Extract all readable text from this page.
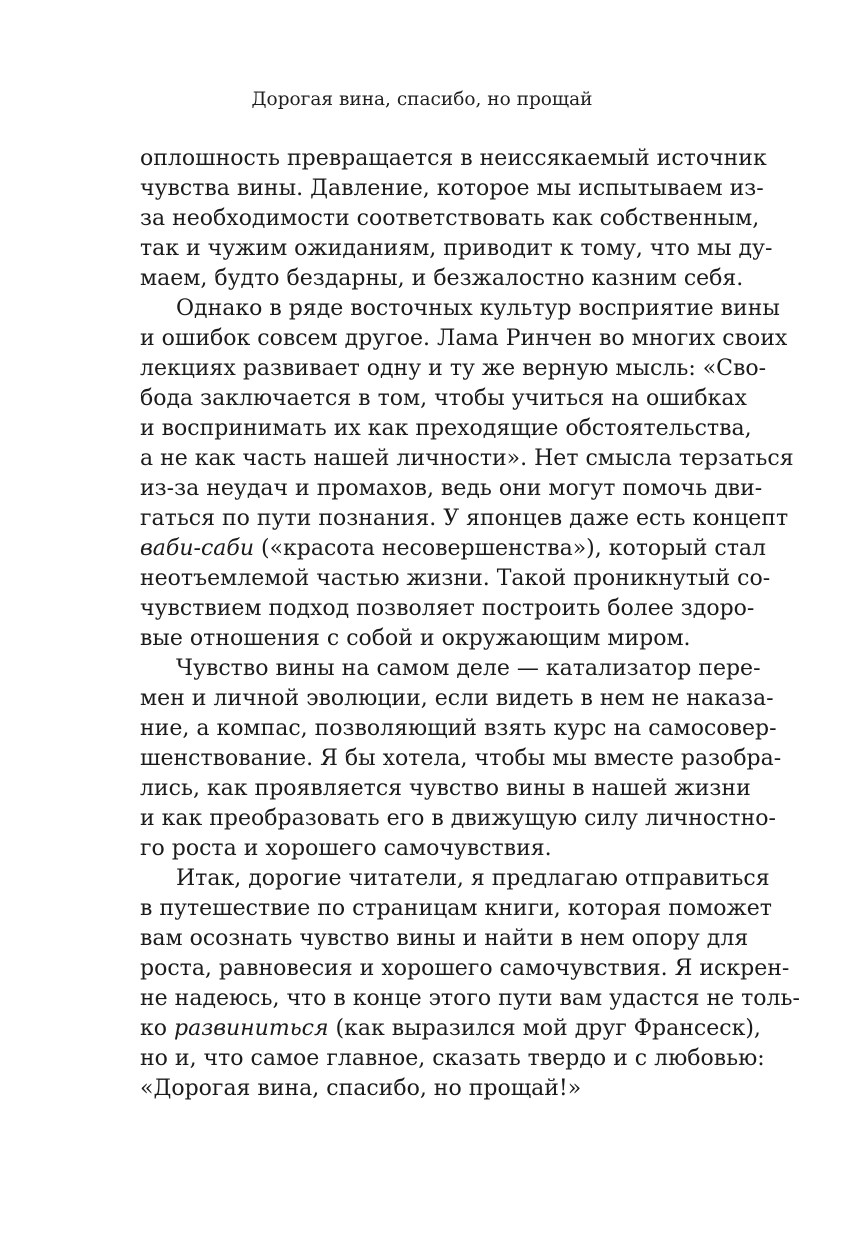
Дорогая вина, спасибо, но прощай
оплошность превращается в неиссякаемый источник
чувства вины. Давление, которое мы испытываем из-
за необходимости соответствовать как собственным,
так и чужим ожиданиям, приводит к тому, что мы ду-
маем, будто бездарны, и безжалостно казним себя.
Однако в ряде восточных культур восприятие вины
и ошибок совсем другое. Лама Ринчен во многих своих
лекциях развивает одну и ту же верную мысль: «Сво-
бода заключается в том, чтобы учиться на ошибках
и воспринимать их как преходящие обстоятельства,
а не как часть нашей личности». Нет смысла терзаться
из-за неудач и промахов, ведь они могут помочь дви-
гаться по пути познания. У японцев даже есть концепт
ваби-саби («красота несовершенства»), который стал
неотъемлемой частью жизни. Такой проникнутый со-
чувствием подход позволяет построить более здоро-
вые отношения с собой и окружающим миром.
Чувство вины на самом деле — катализатор пере-
мен и личной эволюции, если видеть в нем не наказа-
ние, а компас, позволяющий взять курс на самосовер-
шенствование. Я бы хотела, чтобы мы вместе разобра-
лись, как проявляется чувство вины в нашей жизни
и как преобразовать его в движущую силу личностно-
го роста и хорошего самочувствия.
Итак, дорогие читатели, я предлагаю отправиться
в путешествие по страницам книги, которая поможет
вам осознать чувство вины и найти в нем опору для
роста, равновесия и хорошего самочувствия. Я искрен-
не надеюсь, что в конце этого пути вам удастся не толь-
ко развиниться (как выразился мой друг Франсеск),
но и, что самое главное, сказать твердо и с любовью:
«Дорогая вина, спасибо, но прощай!»
